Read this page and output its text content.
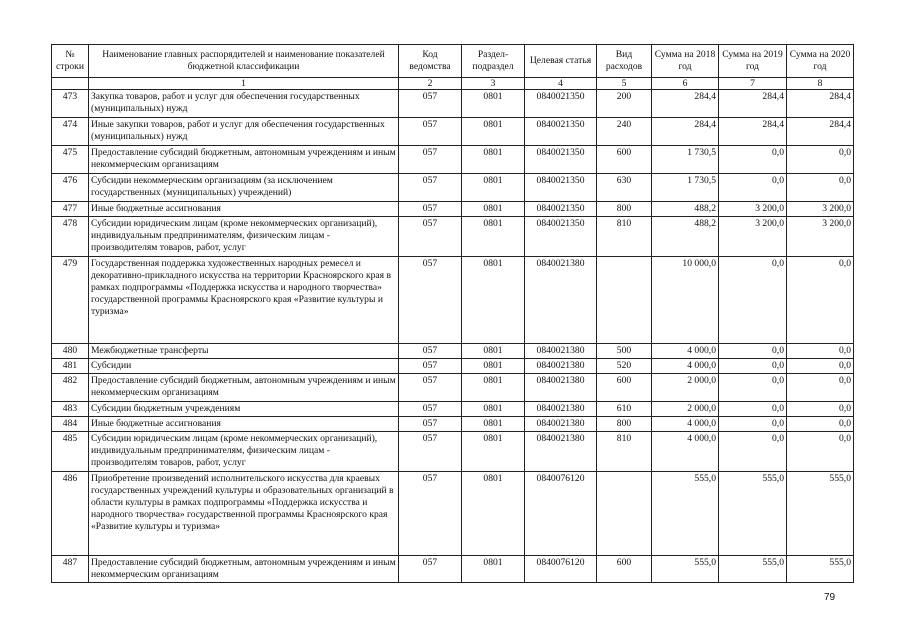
№ строки	Наименование главных распорядителей и наименование показателей бюджетной классификации	Код ведомства	Раздел-подраздел	Целевая статья	Вид расходов	Сумма на 2018 год	Сумма на 2019 год	Сумма на 2020 год
	1	2	3	4	5	6	7	8
473	Закупка товаров, работ и услуг для обеспечения государственных (муниципальных) нужд	057	0801	0840021350	200	284,4	284,4	284,4
474	Иные закупки товаров, работ и услуг для обеспечения государственных (муниципальных) нужд	057	0801	0840021350	240	284,4	284,4	284,4
475	Предоставление субсидий бюджетным, автономным учреждениям и иным некоммерческим организациям	057	0801	0840021350	600	1 730,5	0,0	0,0
476	Субсидии некоммерческим организациям (за исключением государственных (муниципальных) учреждений)	057	0801	0840021350	630	1 730,5	0,0	0,0
477	Иные бюджетные ассигнования	057	0801	0840021350	800	488,2	3 200,0	3 200,0
478	Субсидии юридическим лицам (кроме некоммерческих организаций), индивидуальным предпринимателям, физическим лицам - производителям товаров, работ, услуг	057	0801	0840021350	810	488,2	3 200,0	3 200,0
479	Государственная поддержка художественных народных ремесел и декоративно-прикладного искусства на территории Красноярского края в рамках подпрограммы «Поддержка искусства и народного творчества» государственной программы Красноярского края «Развитие культуры и туризма»	057	0801	0840021380		10 000,0	0,0	0,0
480	Межбюджетные трансферты	057	0801	0840021380	500	4 000,0	0,0	0,0
481	Субсидии	057	0801	0840021380	520	4 000,0	0,0	0,0
482	Предоставление субсидий бюджетным, автономным учреждениям и иным некоммерческим организациям	057	0801	0840021380	600	2 000,0	0,0	0,0
483	Субсидии бюджетным учреждениям	057	0801	0840021380	610	2 000,0	0,0	0,0
484	Иные бюджетные ассигнования	057	0801	0840021380	800	4 000,0	0,0	0,0
485	Субсидии юридическим лицам (кроме некоммерческих организаций), индивидуальным предпринимателям, физическим лицам - производителям товаров, работ, услуг	057	0801	0840021380	810	4 000,0	0,0	0,0
486	Приобретение произведений исполнительского искусства для краевых государственных учреждений культуры и образовательных организаций в области культуры в рамках подпрограммы «Поддержка искусства и народного творчества» государственной программы Красноярского края «Развитие культуры и туризма»	057	0801	0840076120		555,0	555,0	555,0
487	Предоставление субсидий бюджетным, автономным учреждениям и иным некоммерческим организациям	057	0801	0840076120	600	555,0	555,0	555,0
79
